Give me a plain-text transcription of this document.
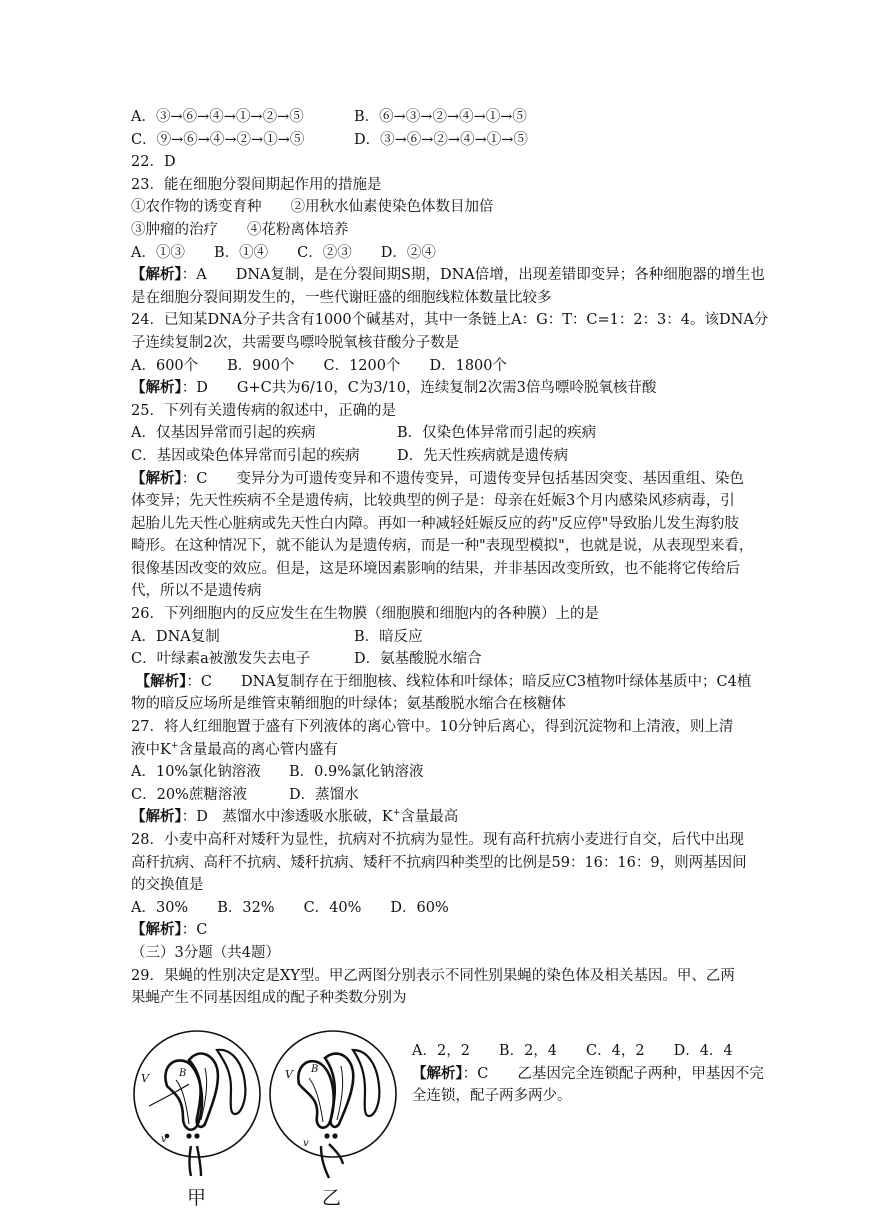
A．③→⑥→④→①→②→⑤	B．⑥→③→②→④→①→⑤
C．⑨→⑥→④→②→①→⑤	D．③→⑥→②→④→①→⑤
22．D
23．能在细胞分裂间期起作用的措施是
①农作物的诱变育种　　②用秋水仙素使染色体数目加倍
③肿瘤的治疗　　④花粉离体培养
A．①③　　B．①④　　C．②③　　D．②④
【解析】：A　　DNA复制，是在分裂间期S期，DNA倍增，出现差错即变异；各种细胞器的增生也
是在细胞分裂间期发生的，一些代谢旺盛的细胞线粒体数量比较多
24．已知某DNA分子共含有1000个碱基对，其中一条链上A：G：T：C=1：2：3：4。该DNA分
子连续复制2次，共需要鸟嘌呤脱氧核苷酸分子数是
A．600个　　B．900个　　C．1200个　　D．1800个
【解析】：D　　G+C共为6/10，C为3/10，连续复制2次需3倍鸟嘌呤脱氧核苷酸
25．下列有关遗传病的叙述中，正确的是
A．仅基因异常而引起的疾病	B．仅染色体异常而引起的疾病
C．基因或染色体异常而引起的疾病	D．先天性疾病就是遗传病
【解析】：C　　变异分为可遗传变异和不遗传变异，可遗传变异包括基因突变、基因重组、染色
体变异；先天性疾病不全是遗传病，比较典型的例子是：母亲在妊娠3个月内感染风疹病毒，引
起胎儿先天性心脏病或先天性白内障。再如一种减轻妊娠反应的药"反应停"导致胎儿发生海豹肢
畸形。在这种情况下，就不能认为是遗传病，而是一种"表现型模拟"，也就是说，从表现型来看，
很像基因改变的效应。但是，这是环境因素影响的结果，并非基因改变所致，也不能将它传给后
代，所以不是遗传病
26．下列细胞内的反应发生在生物膜（细胞膜和细胞内的各种膜）上的是
A．DNA复制	B．暗反应
C．叶绿素a被激发失去电子	D．氨基酸脱水缩合
【解析】：C　　DNA复制存在于细胞核、线粒体和叶绿体；暗反应C3植物叶绿体基质中；C4植
物的暗反应场所是维管束鞘细胞的叶绿体；氨基酸脱水缩合在核糖体
27．将人红细胞置于盛有下列液体的离心管中。10分钟后离心，得到沉淀物和上清液，则上清
液中K+含量最高的离心管内盛有
A．10%氯化钠溶液 B．0.9%氯化钠溶液
C．20%蔗糖溶液	D．蒸馏水
【解析】：D　蒸馏水中渗透吸水胀破，K+含量最高
28．小麦中高秆对矮秆为显性，抗病对不抗病为显性。现有高秆抗病小麦进行自交，后代中出现
高秆抗病、高秆不抗病、矮秆抗病、矮秆不抗病四种类型的比例是59：16：16：9，则两基因间
的交换值是
A．30%　　B．32%　　C．40%　　D．60%
【解析】：C
（三）3分题（共4题）
29．果蝇的性别决定是XY型。甲乙两图分别表示不同性别果蝇的染色体及相关基因。甲、乙两
果蝇产生不同基因组成的配子种类数分别为
V	B
v
V B
v
甲	乙
A．2，2　　B．2，4　　C．4，2　　D．4．4
【解析】：C　　乙基因完全连锁配子两种，甲基因不完
全连锁，配子两多两少。
